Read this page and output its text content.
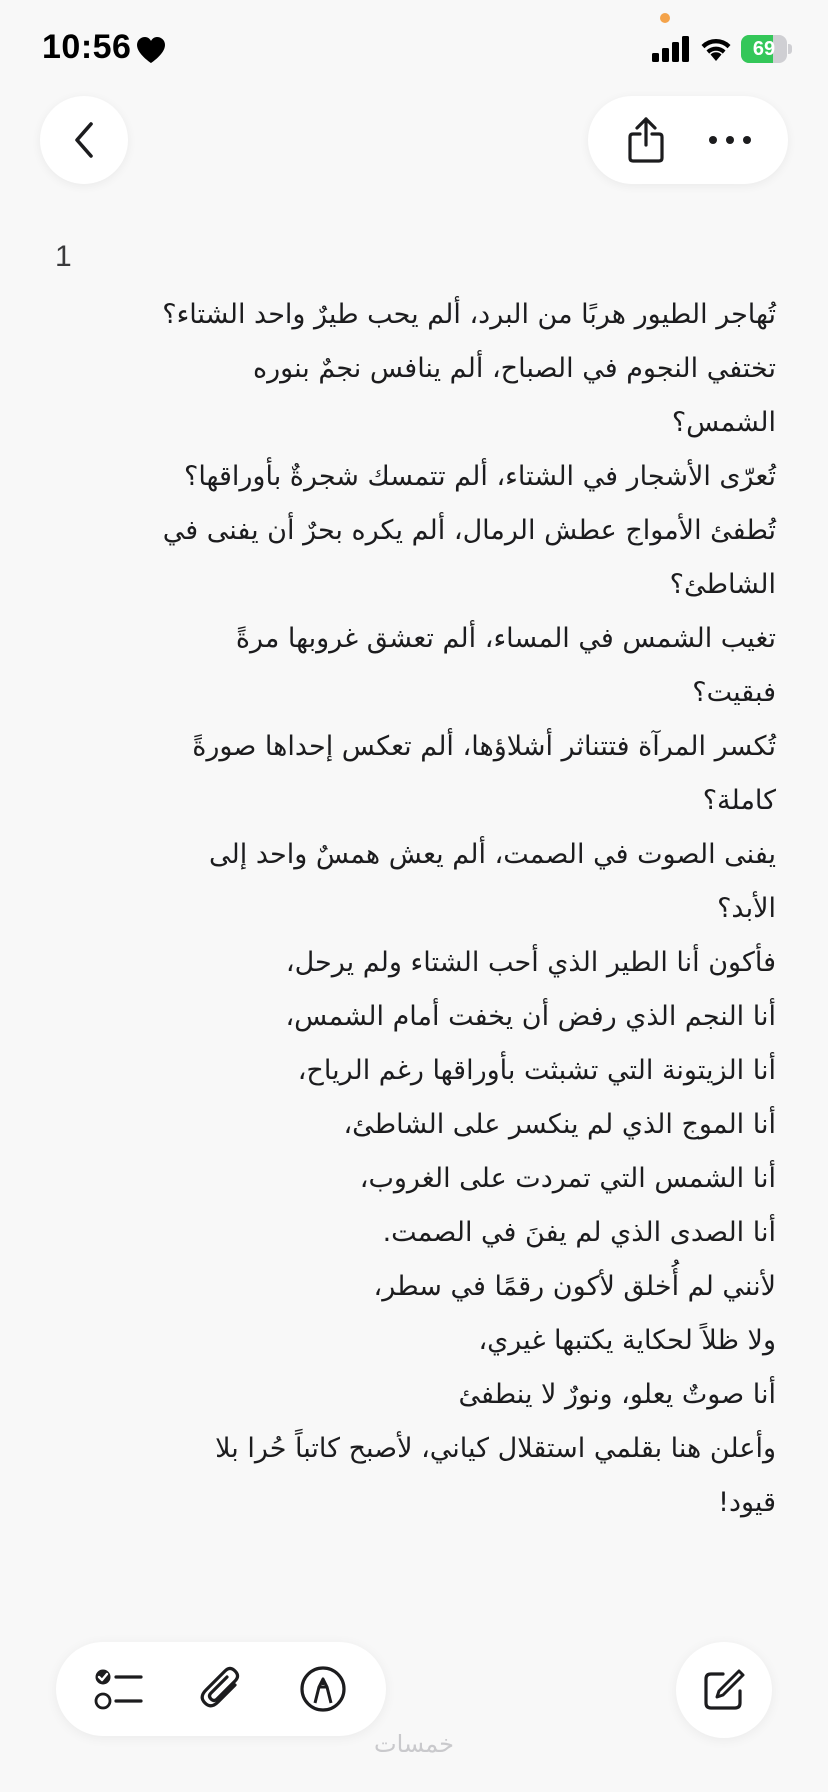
10:56	69
1
تُهاجر الطيور هربًا من البرد، ألم يحب طيرٌ واحد الشتاء؟
تختفي النجوم في الصباح، ألم ينافس نجمٌ بنوره
الشمس؟
تُعرّى الأشجار في الشتاء، ألم تتمسك شجرةٌ بأوراقها؟
تُطفئ الأمواج عطش الرمال، ألم يكره بحرٌ أن يفنى في
الشاطئ؟
تغيب الشمس في المساء، ألم تعشق غروبها مرةً
فبقيت؟
تُكسر المرآة فتتناثر أشلاؤها، ألم تعكس إحداها صورةً
كاملة؟
يفنى الصوت في الصمت، ألم يعش همسٌ واحد إلى
الأبد؟
فأكون أنا الطير الذي أحب الشتاء ولم يرحل،
أنا النجم الذي رفض أن يخفت أمام الشمس،
أنا الزيتونة التي تشبثت بأوراقها رغم الرياح،
أنا الموج الذي لم ينكسر على الشاطئ،
أنا الشمس التي تمردت على الغروب،
أنا الصدى الذي لم يفنَ في الصمت.
لأنني لم أُخلق لأكون رقمًا في سطر،
ولا ظلاً لحكاية يكتبها غيري،
أنا صوتٌ يعلو، ونورٌ لا ينطفئ
وأعلن هنا بقلمي استقلال كياني، لأصبح كاتباً حُرا بلا
قيود!
خمسات
